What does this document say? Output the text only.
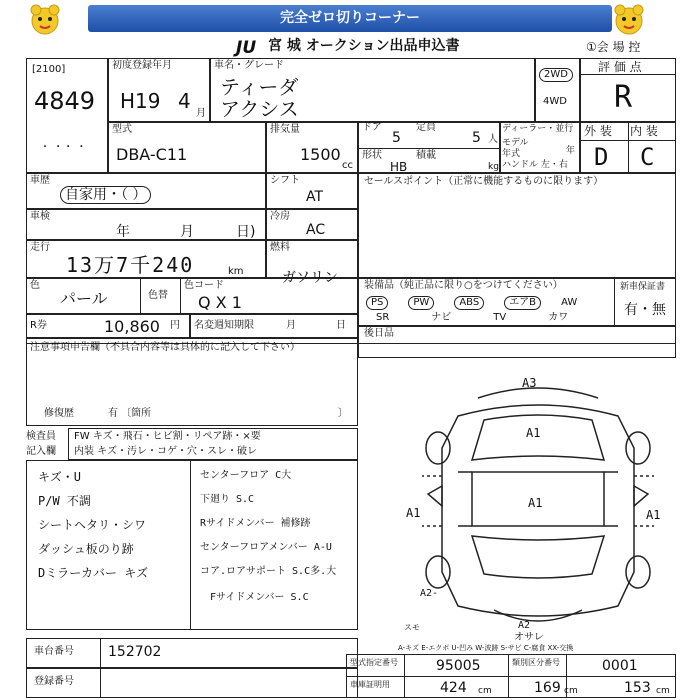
完全ゼロ切りコーナー
JU 宮 城 オークション出品申込書	①会 場 控
[2100]
4849
・ ・・ ・
初度登録年月
H19 4
月
車名・グレード
ティーダ
アクシス
2WD
4WD
評 価 点
R
型式
DBA-C11
排気量
1500
cc
ドア
5
定員
5 人
形状
HB
積載
kg
ディーラー・並行
モデル年式	年
ハンドル 左・右
外 装 内 装
D C
車歴
自家用・（ ）
シフト
AT
車検
年	月	日)
冷房
AC
走行
13万7千240	km
燃料
ガソリン
色
パール	色替
色コード
Q X 1
R券	10,860 円 名変週知期限	月	日
セールスポイント（正常に機能するものに限ります）
装備品（純正品に限り○をつけてください）	新車保証書
有・無
PS	PW	ABS	エアB	AW
SR	ナビ	TV	カワ
後日品
注意事項申告欄（不具合内容等は具体的に記入して下さい）
修復歴	有 〔箇所	〕
検査員
記入欄
FW キズ・飛石・ヒビ割・リペア跡・×要
内装 キズ・汚レ・コゲ・穴・スレ・破レ
キズ・U
P/W 不調
シートヘタリ・シワ
ダッシュ板のり跡
Dミラーカバー キズ
センターフロア C大
下廻り S.C
Rサイドメンバー 補修跡
センターフロアメンバー A-U
コア.ロアサポート S.C多.大
Fサイドメンバー S.C
A3
A1
A1
A1	A1
A2-
スモ	A2
オサレ
A-キズ E-エクボ U-凹み W-波跡 S-サビ C-腐食 XX-交換
車台番号 152702
登録番号
型式指定番号	95005	類別区分番号	0001
車庫証明用	424 cm	169 cm	153 cm
